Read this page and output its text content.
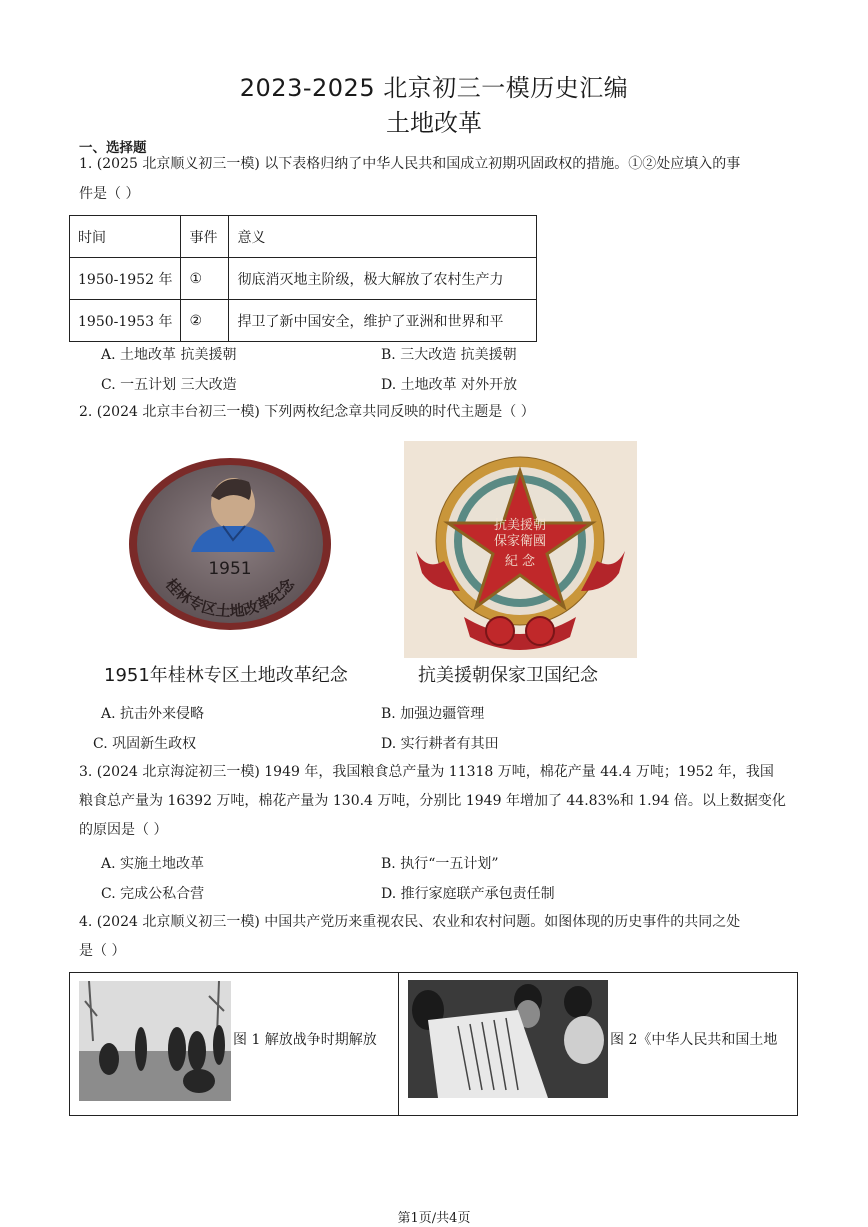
2023-2025 北京初三一模历史汇编
土地改革
一、选择题
1. (2025 北京顺义初三一模) 以下表格归纳了中华人民共和国成立初期巩固政权的措施。①②处应填入的事
件是（ ）
时间	事件	意义
1950-1952 年	①	彻底消灭地主阶级，极大解放了农村生产力
1950-1953 年	②	捍卫了新中国安全，维护了亚洲和世界和平
A. 土地改革 抗美援朝	B. 三大改造 抗美援朝
C. 一五计划 三大改造	D. 土地改革 对外开放
2. (2024 北京丰台初三一模) 下列两枚纪念章共同反映的时代主题是（ ）
1951
桂林专区土地改革纪念
1951年桂林专区土地改革纪念
抗美援朝
保家衛國
紀 念
抗美援朝保家卫国纪念
A. 抗击外来侵略	B. 加强边疆管理
C. 巩固新生政权	D. 实行耕者有其田
3. (2024 北京海淀初三一模) 1949 年，我国粮食总产量为 11318 万吨，棉花产量 44.4 万吨；1952 年，我国
粮食总产量为 16392 万吨，棉花产量为 130.4 万吨，分别比 1949 年增加了 44.83%和 1.94 倍。以上数据变化
的原因是（ ）
A. 实施土地改革	B. 执行“一五计划”
C. 完成公私合营	D. 推行家庭联产承包责任制
4. (2024 北京顺义初三一模) 中国共产党历来重视农民、农业和农村问题。如图体现的历史事件的共同之处
是（ ）
图 1 解放战争时期解放	图 2《中华人民共和国土地
第1页/共4页
